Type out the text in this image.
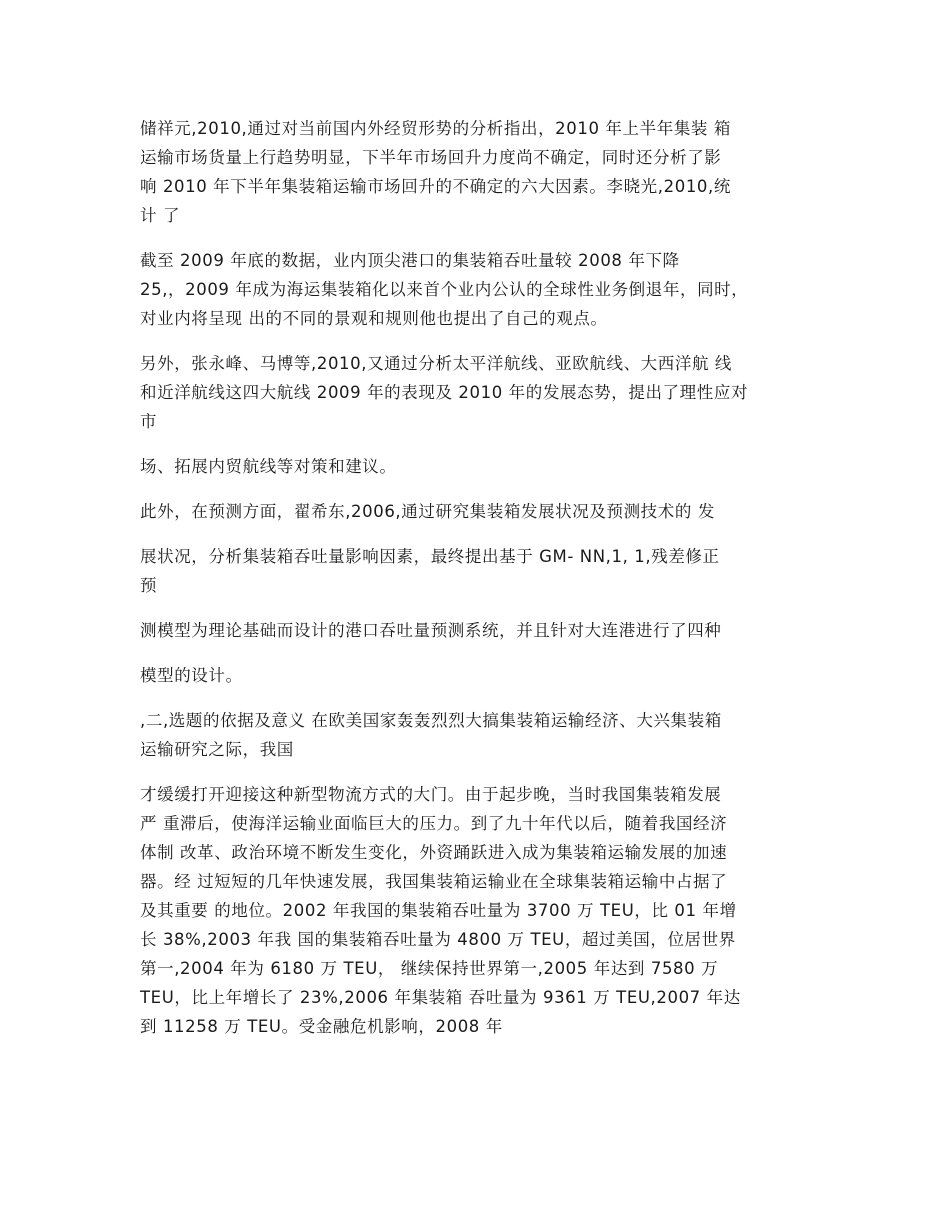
储祥元,2010,通过对当前国内外经贸形势的分析指出，2010 年上半年集装 箱
运输市场货量上行趋势明显，下半年市场回升力度尚不确定，同时还分析了影
响 2010 年下半年集装箱运输市场回升的不确定的六大因素。李晓光,2010,统
计 了

截至 2009 年底的数据，业内顶尖港口的集装箱吞吐量较 2008 年下降
25,，2009 年成为海运集装箱化以来首个业内公认的全球性业务倒退年，同时，
对业内将呈现 出的不同的景观和规则他也提出了自己的观点。

另外，张永峰、马博等,2010,又通过分析太平洋航线、亚欧航线、大西洋航 线
和近洋航线这四大航线 2009 年的表现及 2010 年的发展态势，提出了理性应对
市

场、拓展内贸航线等对策和建议。

此外，在预测方面，翟希东,2006,通过研究集装箱发展状况及预测技术的 发

展状况，分析集装箱吞吐量影响因素，最终提出基于 GM- NN,1, 1,残差修正
预

测模型为理论基础而设计的港口吞吐量预测系统，并且针对大连港进行了四种

模型的设计。

,二,选题的依据及意义 在欧美国家轰轰烈烈大搞集装箱运输经济、大兴集装箱
运输研究之际，我国

才缓缓打开迎接这种新型物流方式的大门。由于起步晚，当时我国集装箱发展
严 重滞后，使海洋运输业面临巨大的压力。到了九十年代以后，随着我国经济
体制 改革、政治环境不断发生变化，外资踊跃进入成为集装箱运输发展的加速
器。经 过短短的几年快速发展，我国集装箱运输业在全球集装箱运输中占据了
及其重要 的地位。2002 年我国的集装箱吞吐量为 3700 万 TEU，比 01 年增
长 38%,2003 年我 国的集装箱吞吐量为 4800 万 TEU，超过美国，位居世界
第一,2004 年为 6180 万 TEU， 继续保持世界第一,2005 年达到 7580 万
TEU，比上年增长了 23%,2006 年集装箱 吞吐量为 9361 万 TEU,2007 年达
到 11258 万 TEU。受金融危机影响，2008 年
